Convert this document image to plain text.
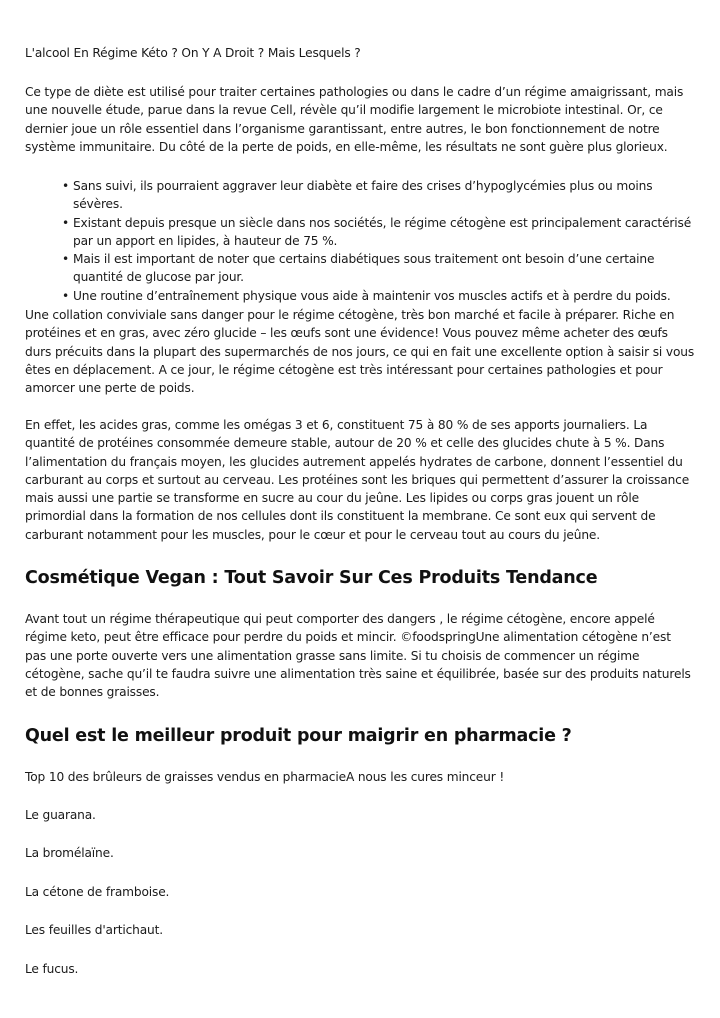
L'alcool En Régime Kéto ? On Y A Droit ? Mais Lesquels ?

Ce type de diète est utilisé pour traiter certaines pathologies ou dans le cadre d’un régime amaigrissant, mais une nouvelle étude, parue dans la revue Cell, révèle qu’il modifie largement le microbiote intestinal. Or, ce dernier joue un rôle essentiel dans l’organisme garantissant, entre autres, le bon fonctionnement de notre système immunitaire. Du côté de la perte de poids, en elle-même, les résultats ne sont guère plus glorieux.

• Sans suivi, ils pourraient aggraver leur diabète et faire des crises d’hypoglycémies plus ou moins sévères.
• Existant depuis presque un siècle dans nos sociétés, le régime cétogène est principalement caractérisé par un apport en lipides, à hauteur de 75 %.
• Mais il est important de noter que certains diabétiques sous traitement ont besoin d’une certaine quantité de glucose par jour.
• Une routine d’entraînement physique vous aide à maintenir vos muscles actifs et à perdre du poids.

Une collation conviviale sans danger pour le régime cétogène, très bon marché et facile à préparer. Riche en protéines et en gras, avec zéro glucide – les œufs sont une évidence! Vous pouvez même acheter des œufs durs précuits dans la plupart des supermarchés de nos jours, ce qui en fait une excellente option à saisir si vous êtes en déplacement. A ce jour, le régime cétogène est très intéressant pour certaines pathologies et pour amorcer une perte de poids.

En effet, les acides gras, comme les omégas 3 et 6, constituent 75 à 80 % de ses apports journaliers. La quantité de protéines consommée demeure stable, autour de 20 % et celle des glucides chute à 5 %. Dans l’alimentation du français moyen, les glucides autrement appelés hydrates de carbone, donnent l’essentiel du carburant au corps et surtout au cerveau. Les protéines sont les briques qui permettent d’assurer la croissance mais aussi une partie se transforme en sucre au cour du jeûne. Les lipides ou corps gras jouent un rôle primordial dans la formation de nos cellules dont ils constituent la membrane. Ce sont eux qui servent de carburant notamment pour les muscles, pour le cœur et pour le cerveau tout au cours du jeûne.

Cosmétique Vegan : Tout Savoir Sur Ces Produits Tendance

Avant tout un régime thérapeutique qui peut comporter des dangers , le régime cétogène, encore appelé régime keto, peut être efficace pour perdre du poids et mincir. ©foodspringUne alimentation cétogène n’est pas une porte ouverte vers une alimentation grasse sans limite. Si tu choisis de commencer un régime cétogène, sache qu’il te faudra suivre une alimentation très saine et équilibrée, basée sur des produits naturels et de bonnes graisses.

Quel est le meilleur produit pour maigrir en pharmacie ?

Top 10 des brûleurs de graisses vendus en pharmacieA nous les cures minceur !

Le guarana.

La bromélaïne.

La cétone de framboise.

Les feuilles d'artichaut.

Le fucus.
